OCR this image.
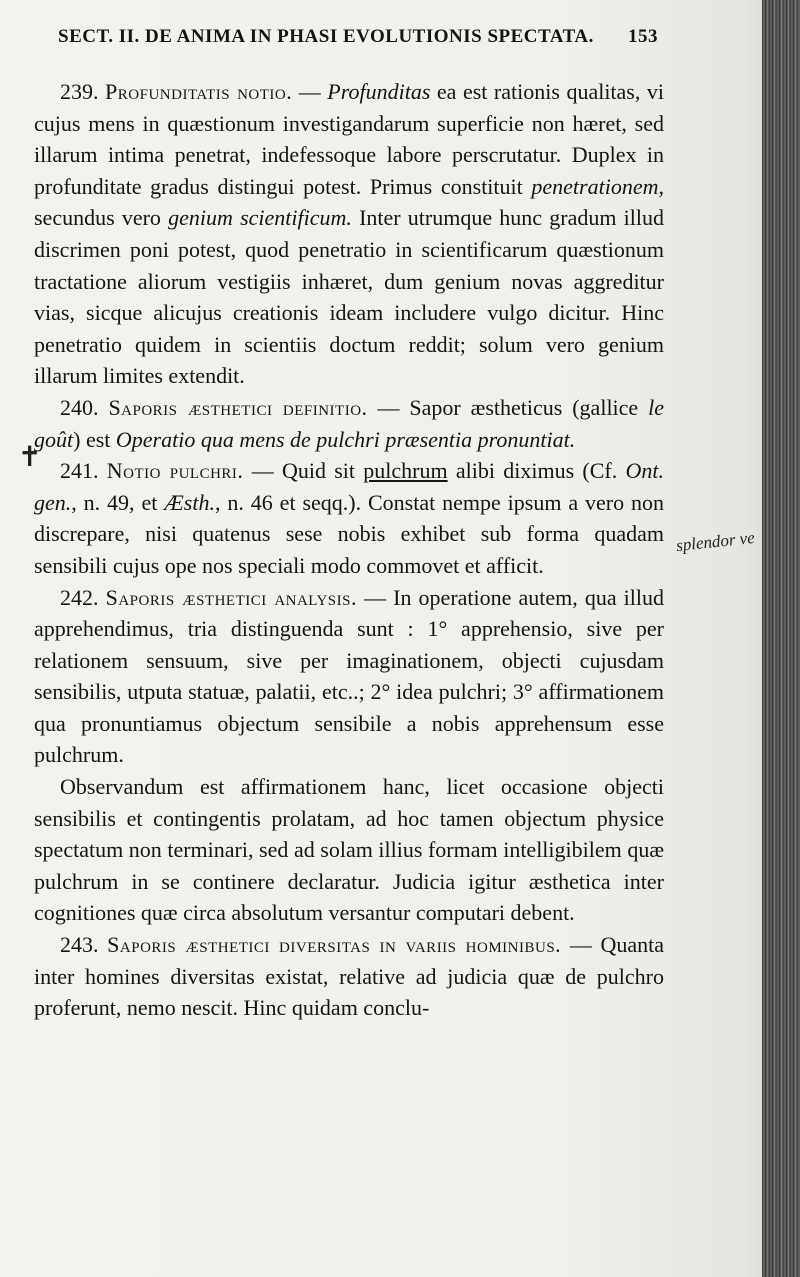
SECT. II. DE ANIMA IN PHASI EVOLUTIONIS SPECTATA. 153
✝
splendor ve

239. Profunditatis notio. — Profunditas ea est rationis qualitas, vi cujus mens in quæstionum investigandarum superficie non hæret, sed illarum intima penetrat, indefessoque labore perscrutatur. Duplex in profunditate gradus distingui potest. Primus constituit penetrationem, secundus vero genium scientificum. Inter utrumque hunc gradum illud discrimen poni potest, quod penetratio in scientificarum quæstionum tractatione aliorum vestigiis inhæret, dum genium novas aggreditur vias, sicque alicujus creationis ideam includere vulgo dicitur. Hinc penetratio quidem in scientiis doctum reddit; solum vero genium illarum limites extendit.

240. Saporis æsthetici definitio. — Sapor æstheticus (gallice le goût) est Operatio qua mens de pulchri præsentia pronuntiat.

241. Notio pulchri. — Quid sit pulchrum alibi diximus (Cf. Ont. gen., n. 49, et Æsth., n. 46 et seqq.). Constat nempe ipsum a vero non discrepare, nisi quatenus sese nobis exhibet sub forma quadam sensibili cujus ope nos speciali modo commovet et afficit.

242. Saporis æsthetici analysis. — In operatione autem, qua illud apprehendimus, tria distinguenda sunt : 1° apprehensio, sive per relationem sensuum, sive per imaginationem, objecti cujusdam sensibilis, utputa statuæ, palatii, etc..; 2° idea pulchri; 3° affirmationem qua pronuntiamus objectum sensibile a nobis apprehensum esse pulchrum.

Observandum est affirmationem hanc, licet occasione objecti sensibilis et contingentis prolatam, ad hoc tamen objectum physice spectatum non terminari, sed ad solam illius formam intelligibilem quæ pulchrum in se continere declaratur. Judicia igitur æsthetica inter cognitiones quæ circa absolutum versantur computari debent.

243. Saporis æsthetici diversitas in variis hominibus. — Quanta inter homines diversitas existat, relative ad judicia quæ de pulchro proferunt, nemo nescit. Hinc quidam conclu-
